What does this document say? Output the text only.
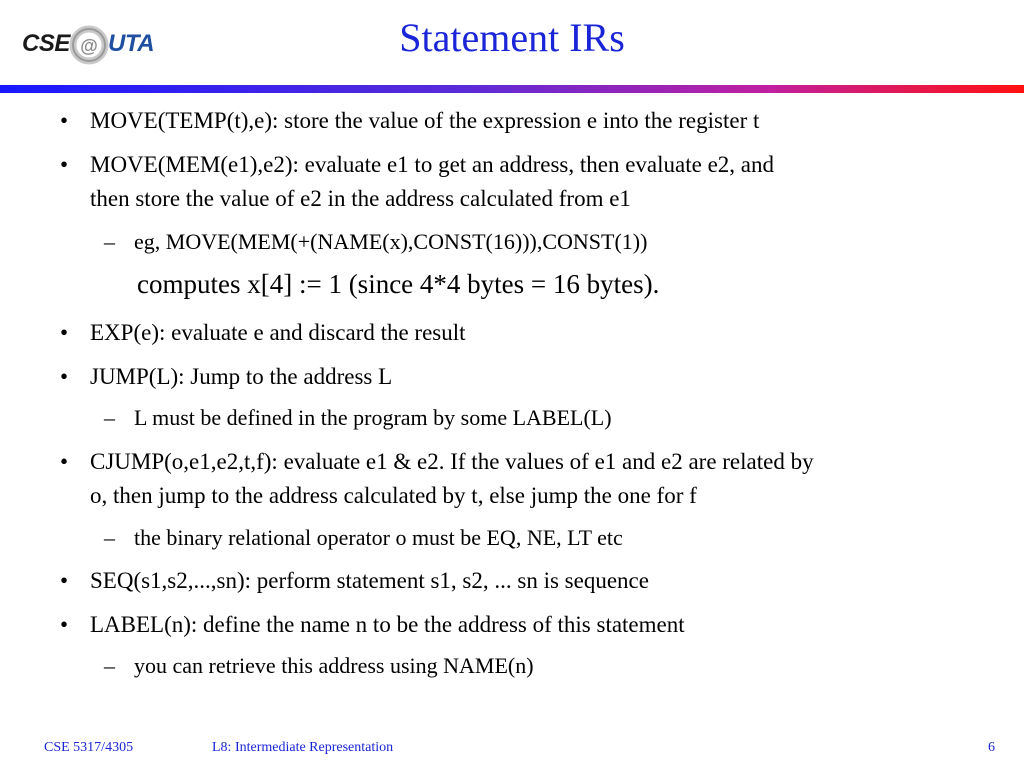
CSE @ UTA	Statement IRs
• MOVE(TEMP(t),e): store the value of the expression e into the register t
• MOVE(MEM(e1),e2): evaluate e1 to get an address, then evaluate e2, and
then store the value of e2 in the address calculated from e1
– eg, MOVE(MEM(+(NAME(x),CONST(16))),CONST(1))
computes x[4] := 1 (since 4*4 bytes = 16 bytes).
• EXP(e): evaluate e and discard the result
• JUMP(L): Jump to the address L
– L must be defined in the program by some LABEL(L)
• CJUMP(o,e1,e2,t,f): evaluate e1 & e2. If the values of e1 and e2 are related by
o, then jump to the address calculated by t, else jump the one for f
– the binary relational operator o must be EQ, NE, LT etc
• SEQ(s1,s2,...,sn): perform statement s1, s2, ... sn is sequence
• LABEL(n): define the name n to be the address of this statement
– you can retrieve this address using NAME(n)
CSE 5317/4305	L8: Intermediate Representation	6
